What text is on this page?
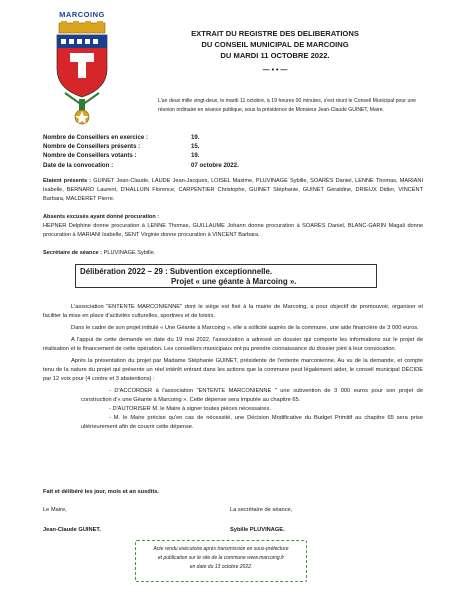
MARCOING
EXTRAIT DU REGISTRE DES DELIBERATIONS
DU CONSEIL MUNICIPAL DE MARCOING
DU MARDI 11 OCTOBRE 2022.
— • • —
L'an deux mille vingt-deux, le mardi 11 octobre, à 19 heures 00 minutes, s'est réuni le Conseil Municipal pour une réunion ordinaire en séance publique, sous la présidence de Monsieur Jean-Claude GUINET, Maire.
Nombre de Conseillers en exercice :	19.
Nombre de Conseillers présents :	15.
Nombre de Conseillers votants :	19.
Date de la convocation :	07 octobre 2022.
Etaient présents : GUINET Jean-Claude, LAUDE Jean-Jacques, LOISEL Maxime, PLUVINAGE Sybille, SOARÈS Daniel, LENNE Thomas, MARIANI Isabelle, BERNARD Laurent, D'HALLUIN Florence, CARPENTIER Christophe, GUINET Stéphanie, GUINET Géraldine, DRIEUX Didier, VINCENT Barbara, MALDERET Pierre.
Absents excusés ayant donné procuration :
HEPNER Delphine donne procuration à LENNE Thomas, GUILLAUME Johann donne procuration à SOARÈS Daniel, BLANC-GARIN Magali donne procuration à MARIANI Isabelle, SENT Virginie donne procuration à VINCENT Barbara.
Secrétaire de séance : PLUVINAGE Sybille.
Délibération 2022 – 29 : Subvention exceptionnelle.
Projet « une géante à Marcoing ».

L'association "ENTENTE MARCONIENNE" dont le siège est fixé à la mairie de Marcoing, a pour objectif de promouvoir, organiser et faciliter la mise en place d'activités culturelles, sportives et de loisirs.

Dans le cadre de son projet intitulé « Une Géante à Marcoing », elle a sollicité auprès de la commune, une aide financière de 3 000 euros.

A l'appui de cette demande en date du 19 mai 2022, l'association a adressé un dossier qui comporte les informations sur le projet de réalisation et le financement de cette opération. Les conseillers municipaux ont pu prendre connaissance du dossier joint à leur convocation.

Après la présentation du projet par Madame Stéphanie GUINET, présidente de l'entente marconienne, Au vu de la demande, et compte tenu de la nature du projet qui présente un réel intérêt entrant dans les actions que la commune peut légalement aider, le conseil municipal DÉCIDE par 12 voix pour (4 contre et 3 abstentions) :

- D'ACCORDER à l'association "ENTENTE MARCONIENNE " une subvention de 3 000 euros pour son projet de construction d'« une Géante à Marcoing ». Cette dépense sera imputée au chapitre 65.

- D'AUTORISER M. le Maire à signer toutes pièces nécessaires.

- M. le Maire précise qu'en cas de nécessité, une Décision Modificative du Budget Primitif au chapitre 65 sera prise ultérieurement afin de couvrir cette dépense.

Fait et délibéré les jour, mois et an susdits.
Le Maire,
Jean-Claude GUINET.
La secrétaire de séance,
Sybille PLUVINAGE.
Acte rendu exécutoire après transmission en sous-préfecture
et publication sur le site de la commune www.marcoing.fr
en date du 13 octobre 2022.
